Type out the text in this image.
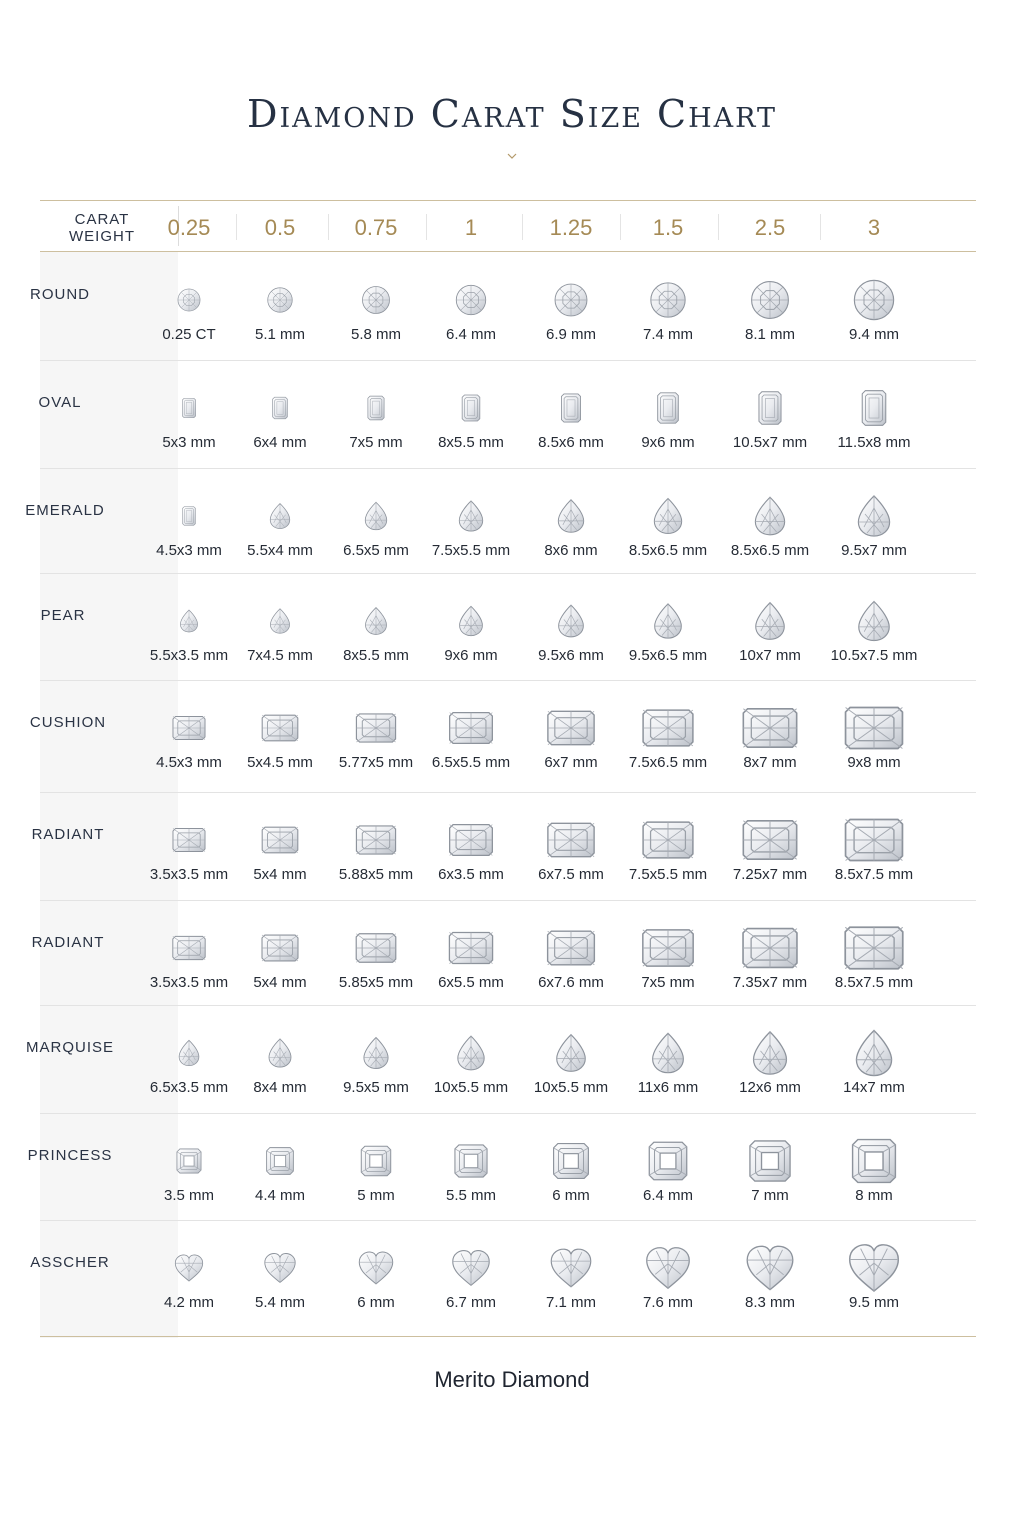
Diamond Carat Size Chart
CARAT
WEIGHT 0.25 0.5	0.75	1	1.25	1.5	2.5	3
ROUND
0.25 CT	5.1 mm	5.8 mm	6.4 mm	6.9 mm	7.4 mm	8.1 mm	9.4 mm
OVAL
5x3 mm	6x4 mm	7x5 mm 8x5.5 mm 8.5x6 mm 9x6 mm	10.5x7 mm 11.5x8 mm
EMERALD
4.5x3 mm 5.5x4 mm 6.5x5 mm 7.5x5.5 mm 8x6 mm 8.5x6.5 mm 8.5x6.5 mm 9.5x7 mm
PEAR
5.5x3.5 mm 7x4.5 mm 8x5.5 mm 9x6 mm	9.5x6 mm 9.5x6.5 mm 10x7 mm 10.5x7.5 mm
CUSHION
4.5x3 mm 5x4.5 mm 5.77x5 mm 6.5x5.5 mm 6x7 mm 7.5x6.5 mm 8x7 mm	9x8 mm
RADIANT
3.5x3.5 mm 5x4 mm 5.88x5 mm 6x3.5 mm 6x7.5 mm 7.5x5.5 mm 7.25x7 mm 8.5x7.5 mm
RADIANT
3.5x3.5 mm 5x4 mm 5.85x5 mm 6x5.5 mm 6x7.6 mm 7x5 mm	7.35x7 mm 8.5x7.5 mm
MARQUISE
6.5x3.5 mm 8x4 mm 9.5x5 mm 10x5.5 mm 10x5.5 mm 11x6 mm	12x6 mm	14x7 mm
PRINCESS
3.5 mm	4.4 mm	5 mm	5.5 mm	6 mm	6.4 mm	7 mm	8 mm
ASSCHER
4.2 mm	5.4 mm	6 mm	6.7 mm	7.1 mm	7.6 mm	8.3 mm	9.5 mm
Merito Diamond
